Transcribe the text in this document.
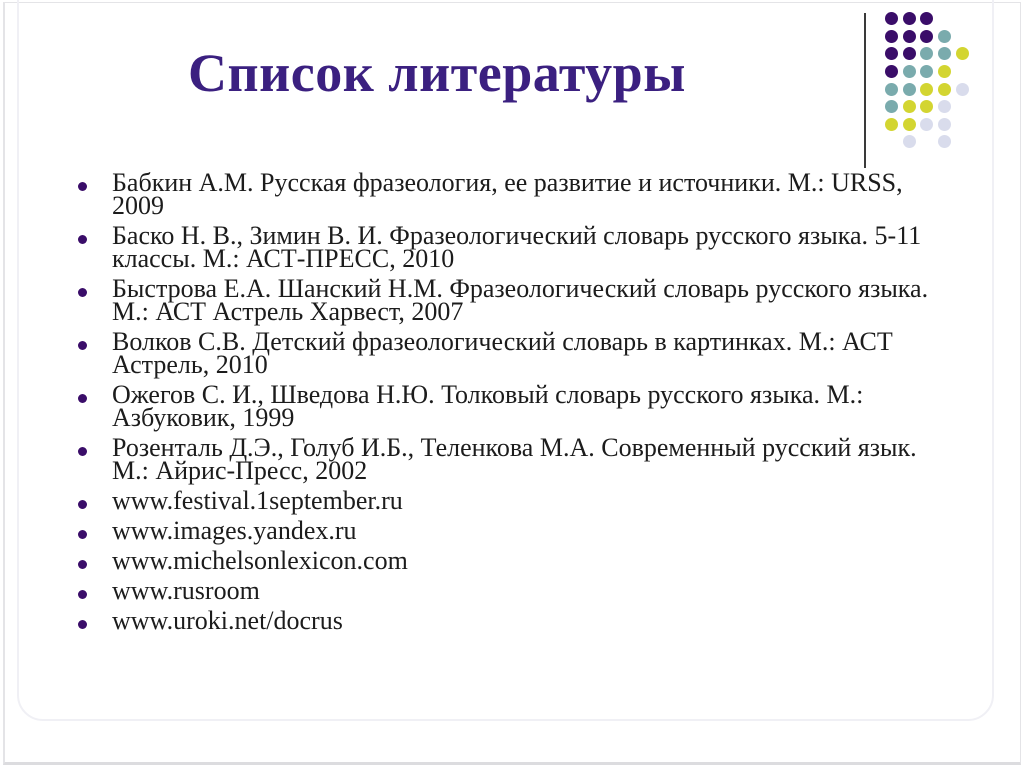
Список литературы
Бабкин А.М. Русская фразеология, ее развитие и источники. М.: URSS, 2009
Баско Н. В., Зимин В. И. Фразеологический словарь русского языка. 5-11 классы. М.: АСТ-ПРЕСС, 2010
Быстрова Е.А. Шанский Н.М. Фразеологический словарь русского языка. М.: АСТ Астрель Харвест, 2007
Волков С.В. Детский фразеологический словарь в картинках. М.: АСТ Астрель, 2010
Ожегов С. И., Шведова Н.Ю. Толковый словарь русского языка. М.: Азбуковик, 1999
Розенталь Д.Э., Голуб И.Б., Теленкова М.А. Современный русский язык. М.: Айрис-Пресс, 2002
www.festival.1september.ru
www.images.yandex.ru
www.michelsonlexicon.com
www.rusroom
www.uroki.net/docrus
